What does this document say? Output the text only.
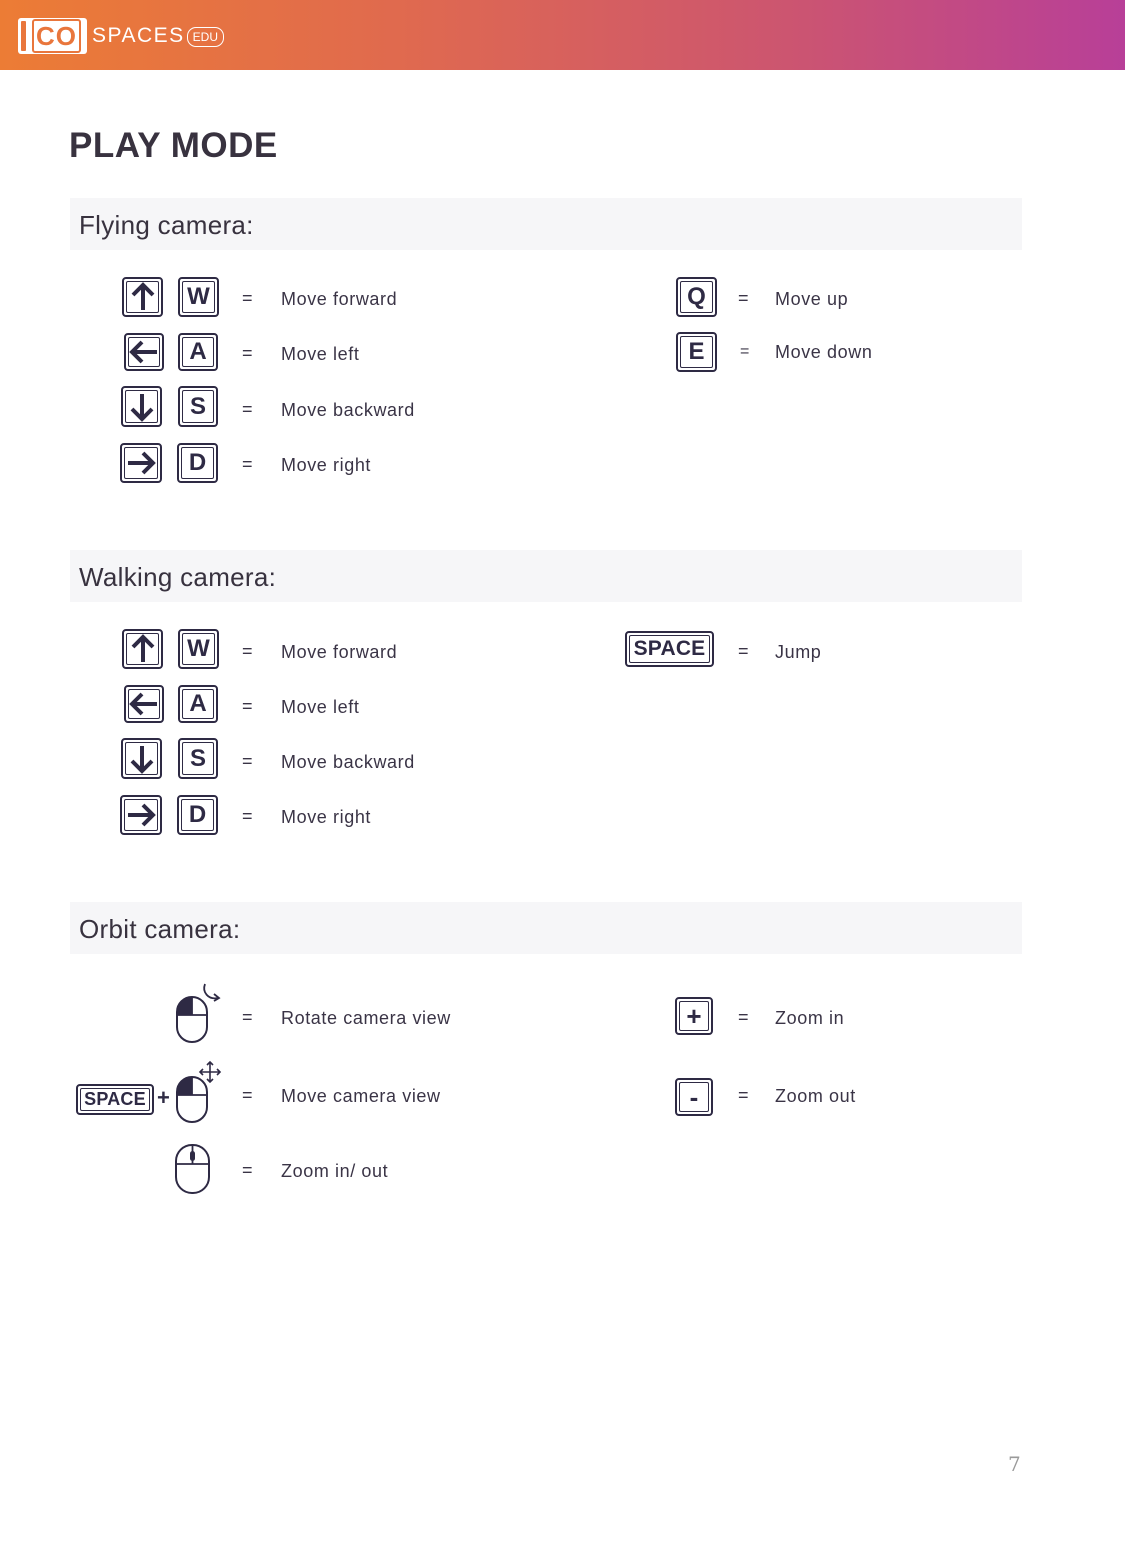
CO SPACES EDU
PLAY MODE
Flying camera:
W = Move forward
A = Move left
S = Move backward
D = Move right
Q = Move up
E = Move down
Walking camera:
W = Move forward
A = Move left
S = Move backward
D = Move right
SPACE = Jump
Orbit camera:
= Rotate camera view
SPACE +	= Move camera view
= Zoom in/ out
+ = Zoom in
- = Zoom out
7
